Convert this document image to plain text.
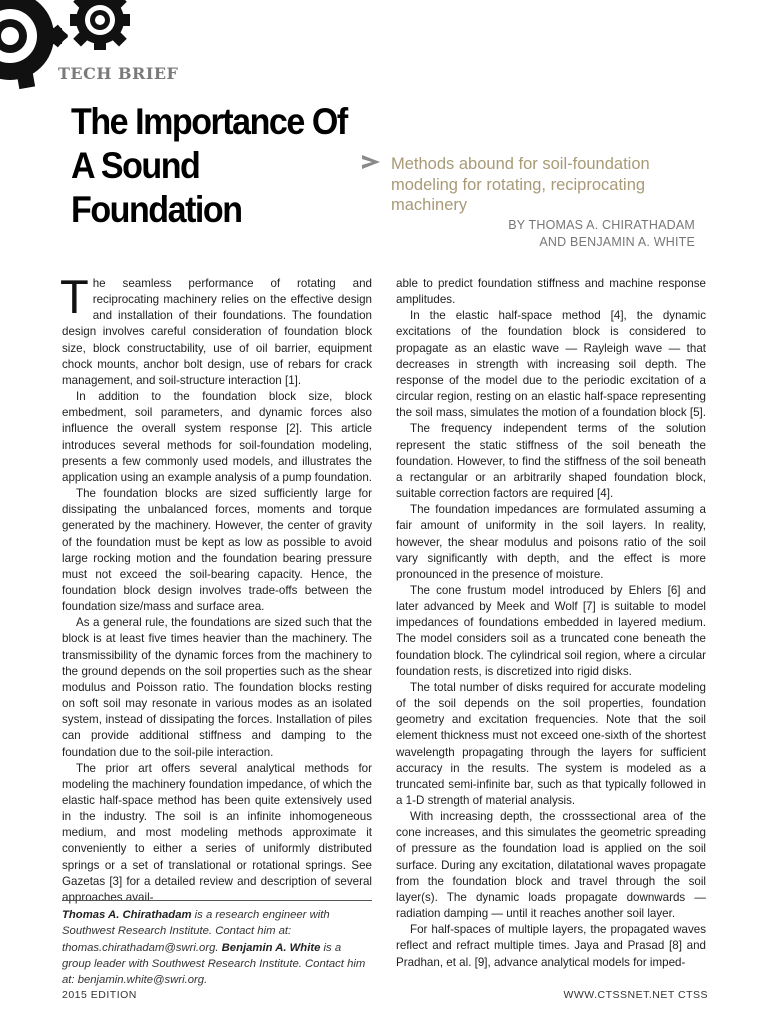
TECH BRIEF
The Importance Of A Sound Foundation
Methods abound for soil-foundation modeling for rotating, reciprocating machinery
BY THOMAS A. CHIRATHADAM
AND BENJAMIN A. WHITE

The seamless performance of rotating and reciprocating machinery relies on the effective design and installation of their foundations. The foundation design involves careful consideration of foundation block size, block constructability, use of oil barrier, equipment chock mounts, anchor bolt design, use of rebars for crack management, and soil-structure interaction [1].

In addition to the foundation block size, block embedment, soil parameters, and dynamic forces also influence the overall system response [2]. This article introduces several methods for soil-foundation modeling, presents a few commonly used models, and illustrates the application using an example analysis of a pump foundation.

The foundation blocks are sized sufficiently large for dissipating the unbalanced forces, moments and torque generated by the machinery. However, the center of gravity of the foundation must be kept as low as possible to avoid large rocking motion and the foundation bearing pressure must not exceed the soil-bearing capacity. Hence, the foundation block design involves trade-offs between the foundation size/mass and surface area.

As a general rule, the foundations are sized such that the block is at least five times heavier than the machinery. The transmissibility of the dynamic forces from the machinery to the ground depends on the soil properties such as the shear modulus and Poisson ratio. The foundation blocks resting on soft soil may resonate in various modes as an isolated system, instead of dissipating the forces. Installation of piles can provide additional stiffness and damping to the foundation due to the soil-pile interaction.

The prior art offers several analytical methods for modeling the machinery foundation impedance, of which the elastic half-space method has been quite extensively used in the industry. The soil is an infinite inhomogeneous medium, and most modeling methods approximate it conveniently to either a series of uniformly distributed springs or a set of translational or rotational springs. See Gazetas [3] for a detailed review and description of several approaches avail-

Thomas A. Chirathadam is a research engineer with Southwest Research Institute. Contact him at: thomas.chirathadam@swri.org. Benjamin A. White is a group leader with Southwest Research Institute. Contact him at: benjamin.white@swri.org.

able to predict foundation stiffness and machine response amplitudes.

In the elastic half-space method [4], the dynamic excitations of the foundation block is considered to propagate as an elastic wave — Rayleigh wave — that decreases in strength with increasing soil depth. The response of the model due to the periodic excitation of a circular region, resting on an elastic half-space representing the soil mass, simulates the motion of a foundation block [5].

The frequency independent terms of the solution represent the static stiffness of the soil beneath the foundation. However, to find the stiffness of the soil beneath a rectangular or an arbitrarily shaped foundation block, suitable correction factors are required [4].

The foundation impedances are formulated assuming a fair amount of uniformity in the soil layers. In reality, however, the shear modulus and poisons ratio of the soil vary significantly with depth, and the effect is more pronounced in the presence of moisture.

The cone frustum model introduced by Ehlers [6] and later advanced by Meek and Wolf [7] is suitable to model impedances of foundations embedded in layered medium. The model considers soil as a truncated cone beneath the foundation block. The cylindrical soil region, where a circular foundation rests, is discretized into rigid disks.

The total number of disks required for accurate modeling of the soil depends on the soil properties, foundation geometry and excitation frequencies. Note that the soil element thickness must not exceed one-sixth of the shortest wavelength propagating through the layers for sufficient accuracy in the results. The system is modeled as a truncated semi-infinite bar, such as that typically followed in a 1-D strength of material analysis.

With increasing depth, the crosssectional area of the cone increases, and this simulates the geometric spreading of pressure as the foundation load is applied on the soil surface. During any excitation, dilatational waves propagate from the foundation block and travel through the soil layer(s). The dynamic loads propagate downwards — radiation damping — until it reaches another soil layer.

For half-spaces of multiple layers, the propagated waves reflect and refract multiple times. Jaya and Prasad [8] and Pradhan, et al. [9], advance analytical models for imped-

2015 EDITION	WWW.CTSSNET.NET CTSS
